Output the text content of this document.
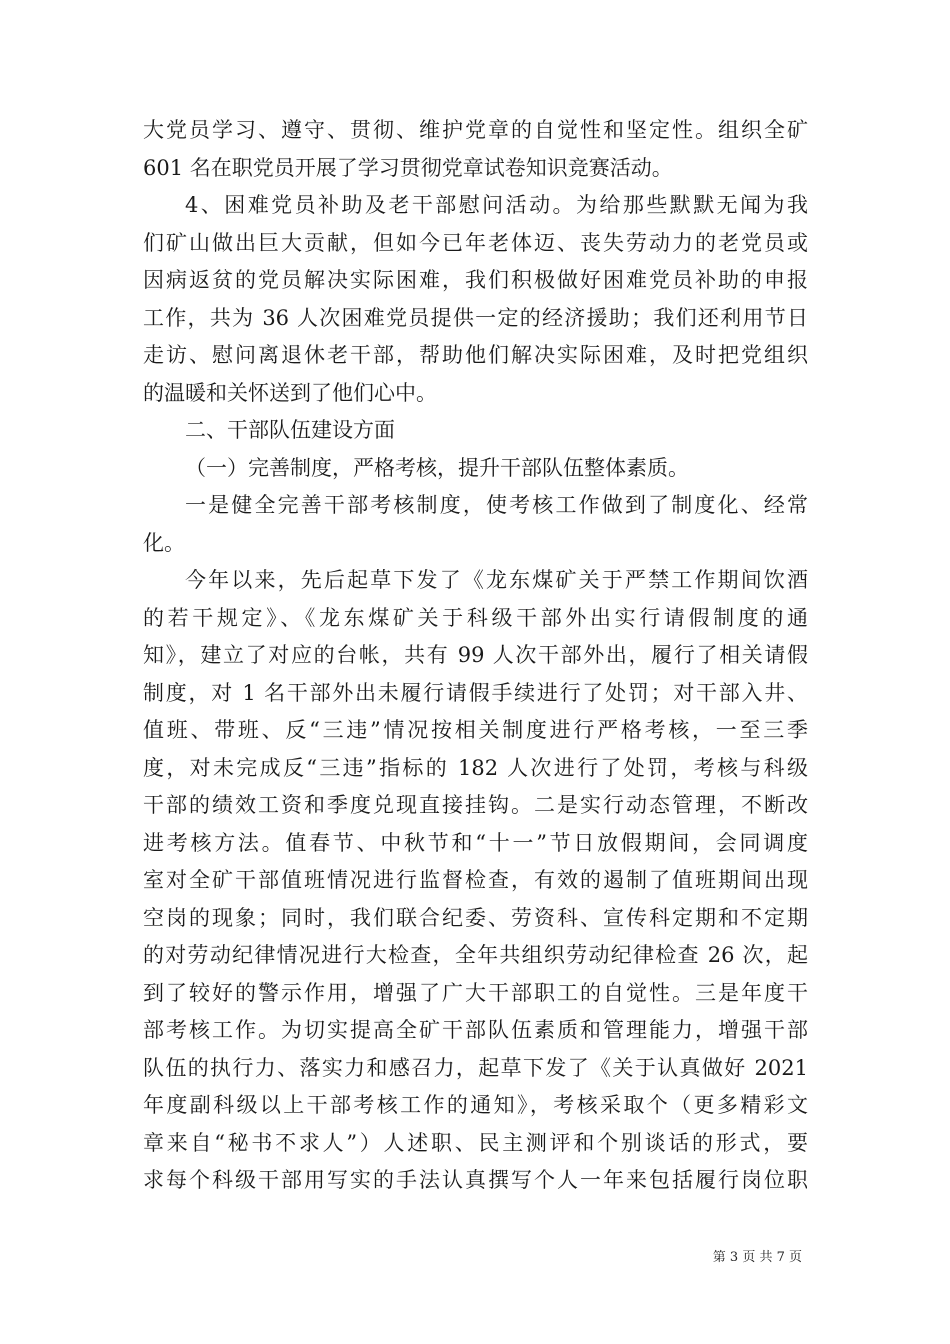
大党员学习、遵守、贯彻、维护党章的自觉性和坚定性。组织全矿
601 名在职党员开展了学习贯彻党章试卷知识竞赛活动。
4、困难党员补助及老干部慰问活动。为给那些默默无闻为我
们矿山做出巨大贡献，但如今已年老体迈、丧失劳动力的老党员或
因病返贫的党员解决实际困难，我们积极做好困难党员补助的申报
工作，共为 36 人次困难党员提供一定的经济援助；我们还利用节日
走访、慰问离退休老干部，帮助他们解决实际困难，及时把党组织
的温暖和关怀送到了他们心中。
二、干部队伍建设方面
（一）完善制度，严格考核，提升干部队伍整体素质。
一是健全完善干部考核制度，使考核工作做到了制度化、经常
化。
今年以来，先后起草下发了《龙东煤矿关于严禁工作期间饮酒
的若干规定》、《龙东煤矿关于科级干部外出实行请假制度的通
知》，建立了对应的台帐，共有 99 人次干部外出，履行了相关请假
制度，对 1 名干部外出未履行请假手续进行了处罚；对干部入井、
值班、带班、反“三违”情况按相关制度进行严格考核，一至三季
度，对未完成反“三违”指标的 182 人次进行了处罚，考核与科级
干部的绩效工资和季度兑现直接挂钩。二是实行动态管理，不断改
进考核方法。值春节、中秋节和“十一”节日放假期间，会同调度
室对全矿干部值班情况进行监督检查，有效的遏制了值班期间出现
空岗的现象；同时，我们联合纪委、劳资科、宣传科定期和不定期
的对劳动纪律情况进行大检查，全年共组织劳动纪律检查 26 次，起
到了较好的警示作用，增强了广大干部职工的自觉性。三是年度干
部考核工作。为切实提高全矿干部队伍素质和管理能力，增强干部
队伍的执行力、落实力和感召力，起草下发了《关于认真做好 2021
年度副科级以上干部考核工作的通知》，考核采取个（更多精彩文
章来自“秘书不求人”）人述职、民主测评和个别谈话的形式，要
求每个科级干部用写实的手法认真撰写个人一年来包括履行岗位职
第 3 页 共 7 页
